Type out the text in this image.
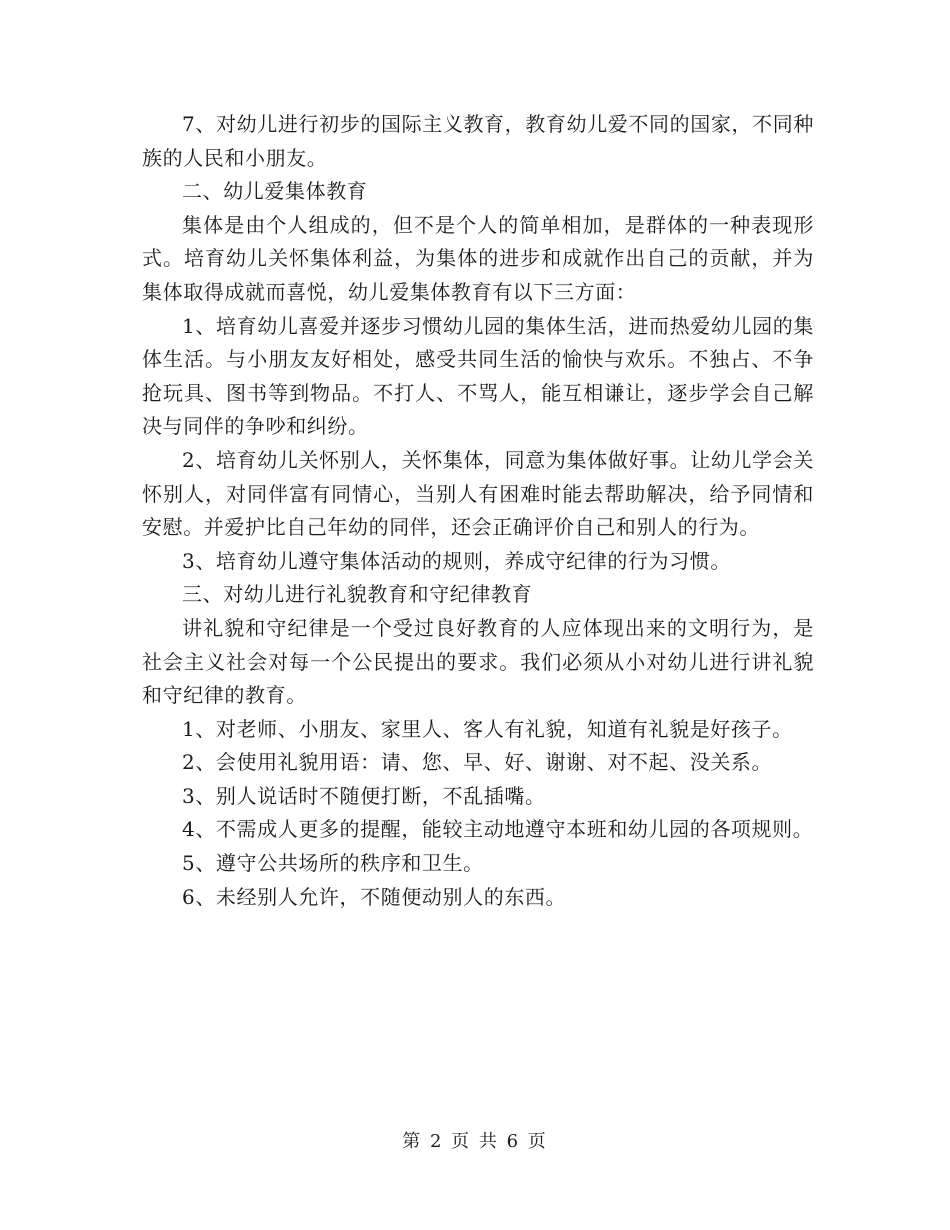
7、对幼儿进行初步的国际主义教育，教育幼儿爱不同的国家，不同种族的人民和小朋友。

二、幼儿爱集体教育

集体是由个人组成的，但不是个人的简单相加，是群体的一种表现形式。培育幼儿关怀集体利益，为集体的进步和成就作出自己的贡献，并为集体取得成就而喜悦，幼儿爱集体教育有以下三方面：

1、培育幼儿喜爱并逐步习惯幼儿园的集体生活，进而热爱幼儿园的集体生活。与小朋友友好相处，感受共同生活的愉快与欢乐。不独占、不争抢玩具、图书等到物品。不打人、不骂人，能互相谦让，逐步学会自己解决与同伴的争吵和纠纷。

2、培育幼儿关怀别人，关怀集体，同意为集体做好事。让幼儿学会关怀别人，对同伴富有同情心，当别人有困难时能去帮助解决，给予同情和安慰。并爱护比自己年幼的同伴，还会正确评价自己和别人的行为。

3、培育幼儿遵守集体活动的规则，养成守纪律的行为习惯。

三、对幼儿进行礼貌教育和守纪律教育

讲礼貌和守纪律是一个受过良好教育的人应体现出来的文明行为，是社会主义社会对每一个公民提出的要求。我们必须从小对幼儿进行讲礼貌和守纪律的教育。

1、对老师、小朋友、家里人、客人有礼貌，知道有礼貌是好孩子。

2、会使用礼貌用语：请、您、早、好、谢谢、对不起、没关系。

3、别人说话时不随便打断，不乱插嘴。

4、不需成人更多的提醒，能较主动地遵守本班和幼儿园的各项规则。

5、遵守公共场所的秩序和卫生。

6、未经别人允许，不随便动别人的东西。

第 2 页 共 6 页
